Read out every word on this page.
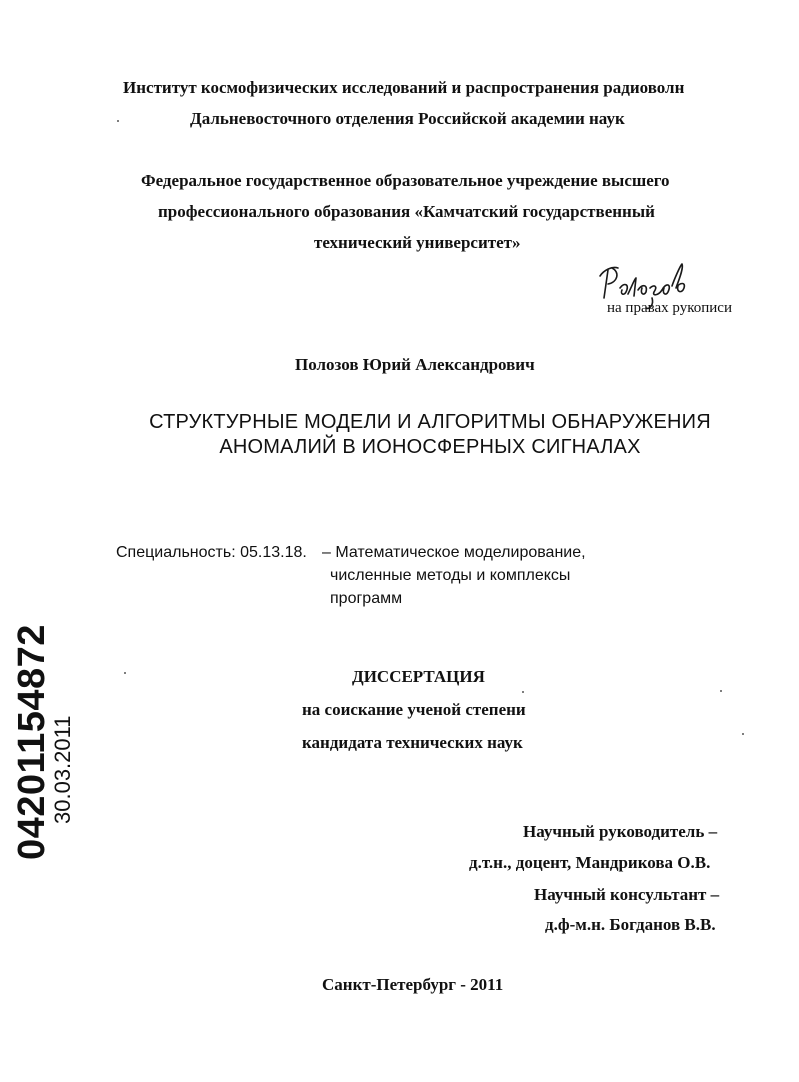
Институт космофизических исследований и распространения радиоволн
Дальневосточного отделения Российской академии наук
Федеральное государственное образовательное учреждение высшего
профессионального образования «Камчатский государственный
технический университет»
на правах рукописи
Полозов Юрий Александрович
СТРУКТУРНЫЕ МОДЕЛИ И АЛГОРИТМЫ ОБНАРУЖЕНИЯ
АНОМАЛИЙ В ИОНОСФЕРНЫХ СИГНАЛАХ
Специальность: 05.13.18. – Математическое моделирование,
численные методы и комплексы
программ
ДИССЕРТАЦИЯ
на соискание ученой степени
кандидата технических наук
Научный руководитель –
д.т.н., доцент, Мандрикова О.В.
Научный консультант –
д.ф-м.н. Богданов В.В.
Санкт-Петербург - 2011
04201154872
30.03.2011
